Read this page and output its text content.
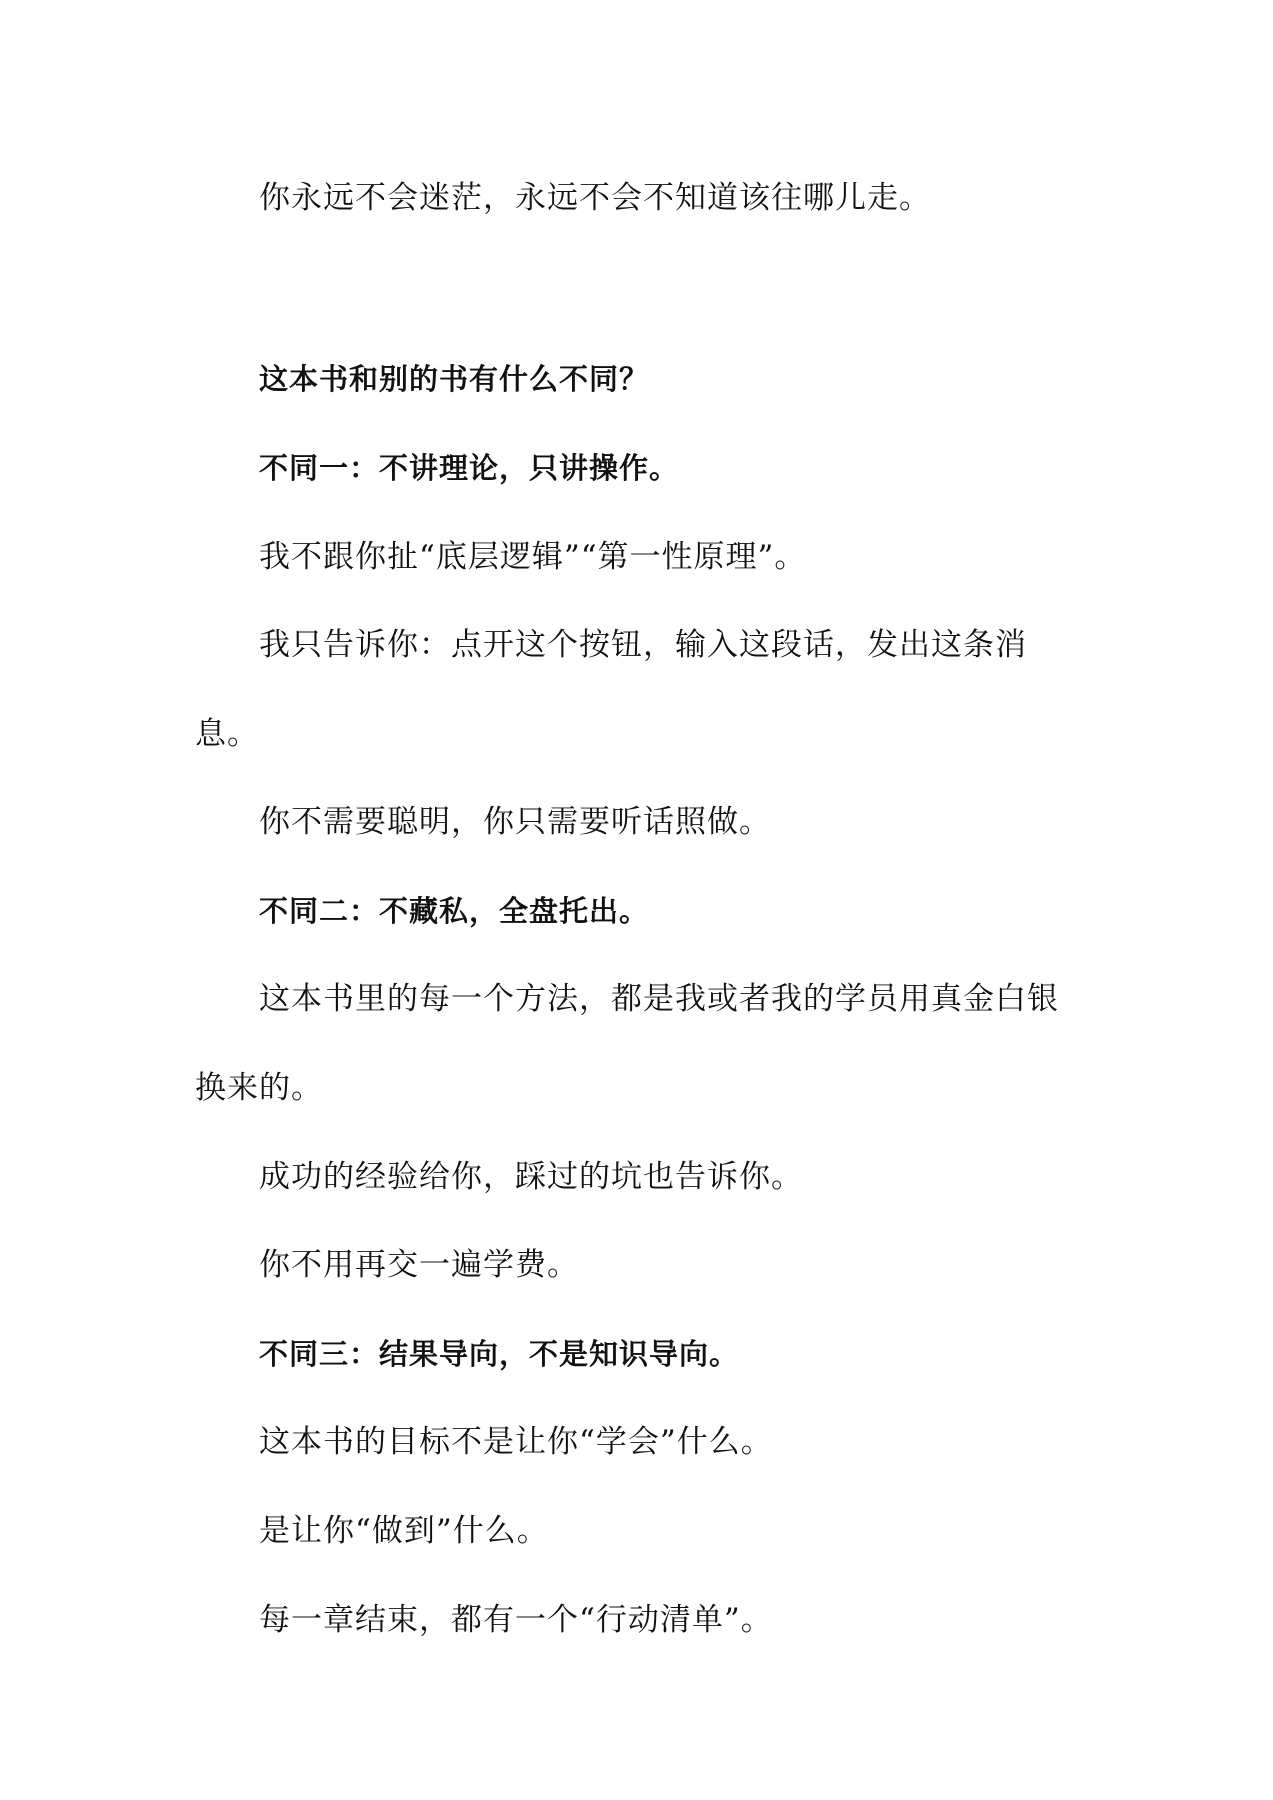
你永远不会迷茫，永远不会不知道该往哪儿走。
这本书和别的书有什么不同？
不同一：不讲理论，只讲操作。
我不跟你扯“底层逻辑”“第一性原理”。
我只告诉你：点开这个按钮，输入这段话，发出这条消
息。
你不需要聪明，你只需要听话照做。
不同二：不藏私，全盘托出。
这本书里的每一个方法，都是我或者我的学员用真金白银
换来的。
成功的经验给你，踩过的坑也告诉你。
你不用再交一遍学费。
不同三：结果导向，不是知识导向。
这本书的目标不是让你“学会”什么。
是让你“做到”什么。
每一章结束，都有一个“行动清单”。
